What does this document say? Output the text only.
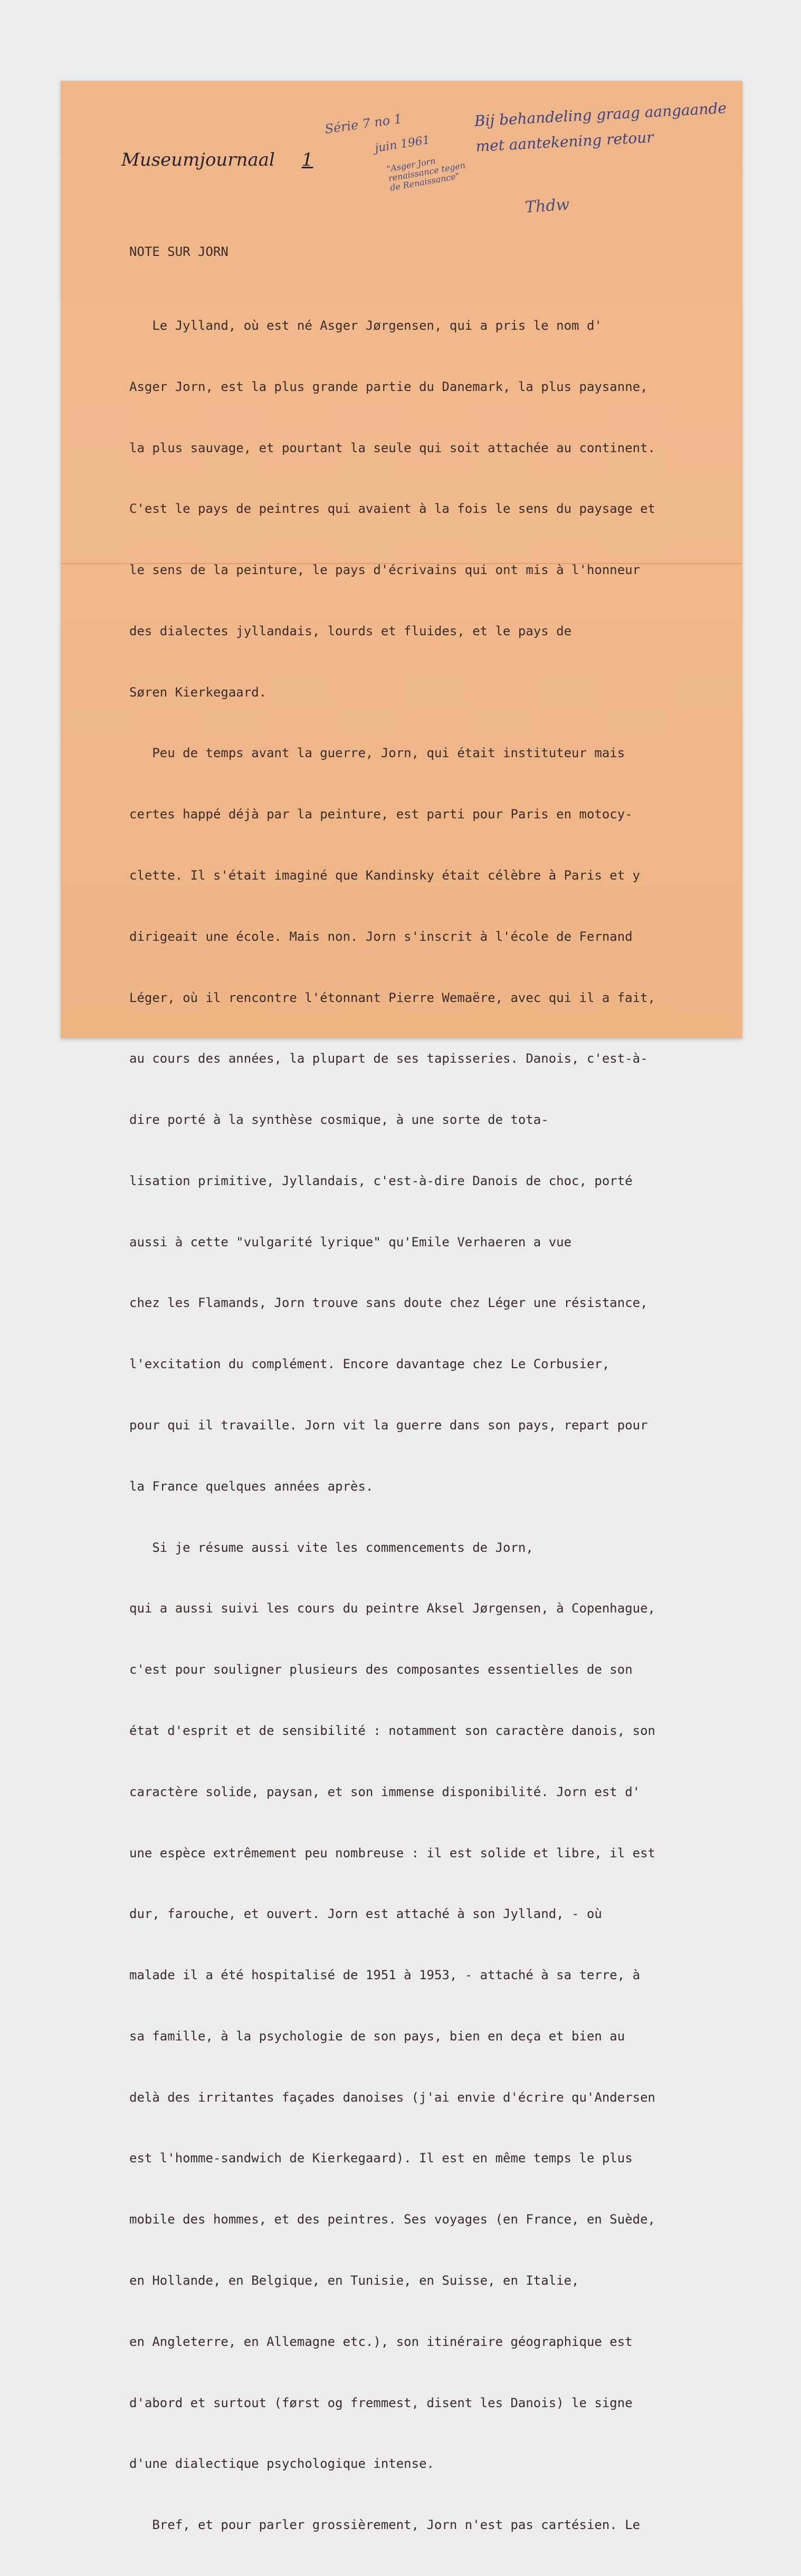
Bij behandeling graag aangaande met aantekening retour
Série 7 no 1
juin 1961
Museumjournaal 1	"Asger Jorn renaissance tegen de Renaissance"
Thdw

NOTE SUR JORN

Le Jylland, où est né Asger Jørgensen, qui a pris le nom d'

Asger Jorn, est la plus grande partie du Danemark, la plus paysanne,

la plus sauvage, et pourtant la seule qui soit attachée au continent.

C'est le pays de peintres qui avaient à la fois le sens du paysage et

le sens de la peinture, le pays d'écrivains qui ont mis à l'honneur

des dialectes jyllandais, lourds et fluides, et le pays de

Søren Kierkegaard.

Peu de temps avant la guerre, Jorn, qui était instituteur mais

certes happé déjà par la peinture, est parti pour Paris en motocy-

clette. Il s'était imaginé que Kandinsky était célèbre à Paris et y

dirigeait une école. Mais non. Jorn s'inscrit à l'école de Fernand

Léger, où il rencontre l'étonnant Pierre Wemaëre, avec qui il a fait,

au cours des années, la plupart de ses tapisseries. Danois, c'est-à-

dire porté à la synthèse cosmique, à une sorte de tota-

lisation primitive, Jyllandais, c'est-à-dire Danois de choc, porté

aussi à cette "vulgarité lyrique" qu'Emile Verhaeren a vue

chez les Flamands, Jorn trouve sans doute chez Léger une résistance,

l'excitation du complément. Encore davantage chez Le Corbusier,

pour qui il travaille. Jorn vit la guerre dans son pays, repart pour

la France quelques années après.

Si je résume aussi vite les commencements de Jorn,

qui a aussi suivi les cours du peintre Aksel Jørgensen, à Copenhague,

c'est pour souligner plusieurs des composantes essentielles de son

état d'esprit et de sensibilité : notamment son caractère danois, son

caractère solide, paysan, et son immense disponibilité. Jorn est d'

une espèce extrêmement peu nombreuse : il est solide et libre, il est

dur, farouche, et ouvert. Jorn est attaché à son Jylland, - où

malade il a été hospitalisé de 1951 à 1953, - attaché à sa terre, à

sa famille, à la psychologie de son pays, bien en deça et bien au

delà des irritantes façades danoises (j'ai envie d'écrire qu'Andersen

est l'homme-sandwich de Kierkegaard). Il est en même temps le plus

mobile des hommes, et des peintres. Ses voyages (en France, en Suède,

en Hollande, en Belgique, en Tunisie, en Suisse, en Italie,

en Angleterre, en Allemagne etc.), son itinéraire géographique est

d'abord et surtout (først og fremmest, disent les Danois) le signe

d'une dialectique psychologique intense.

Bref, et pour parler grossièrement, Jorn n'est pas cartésien. Le
